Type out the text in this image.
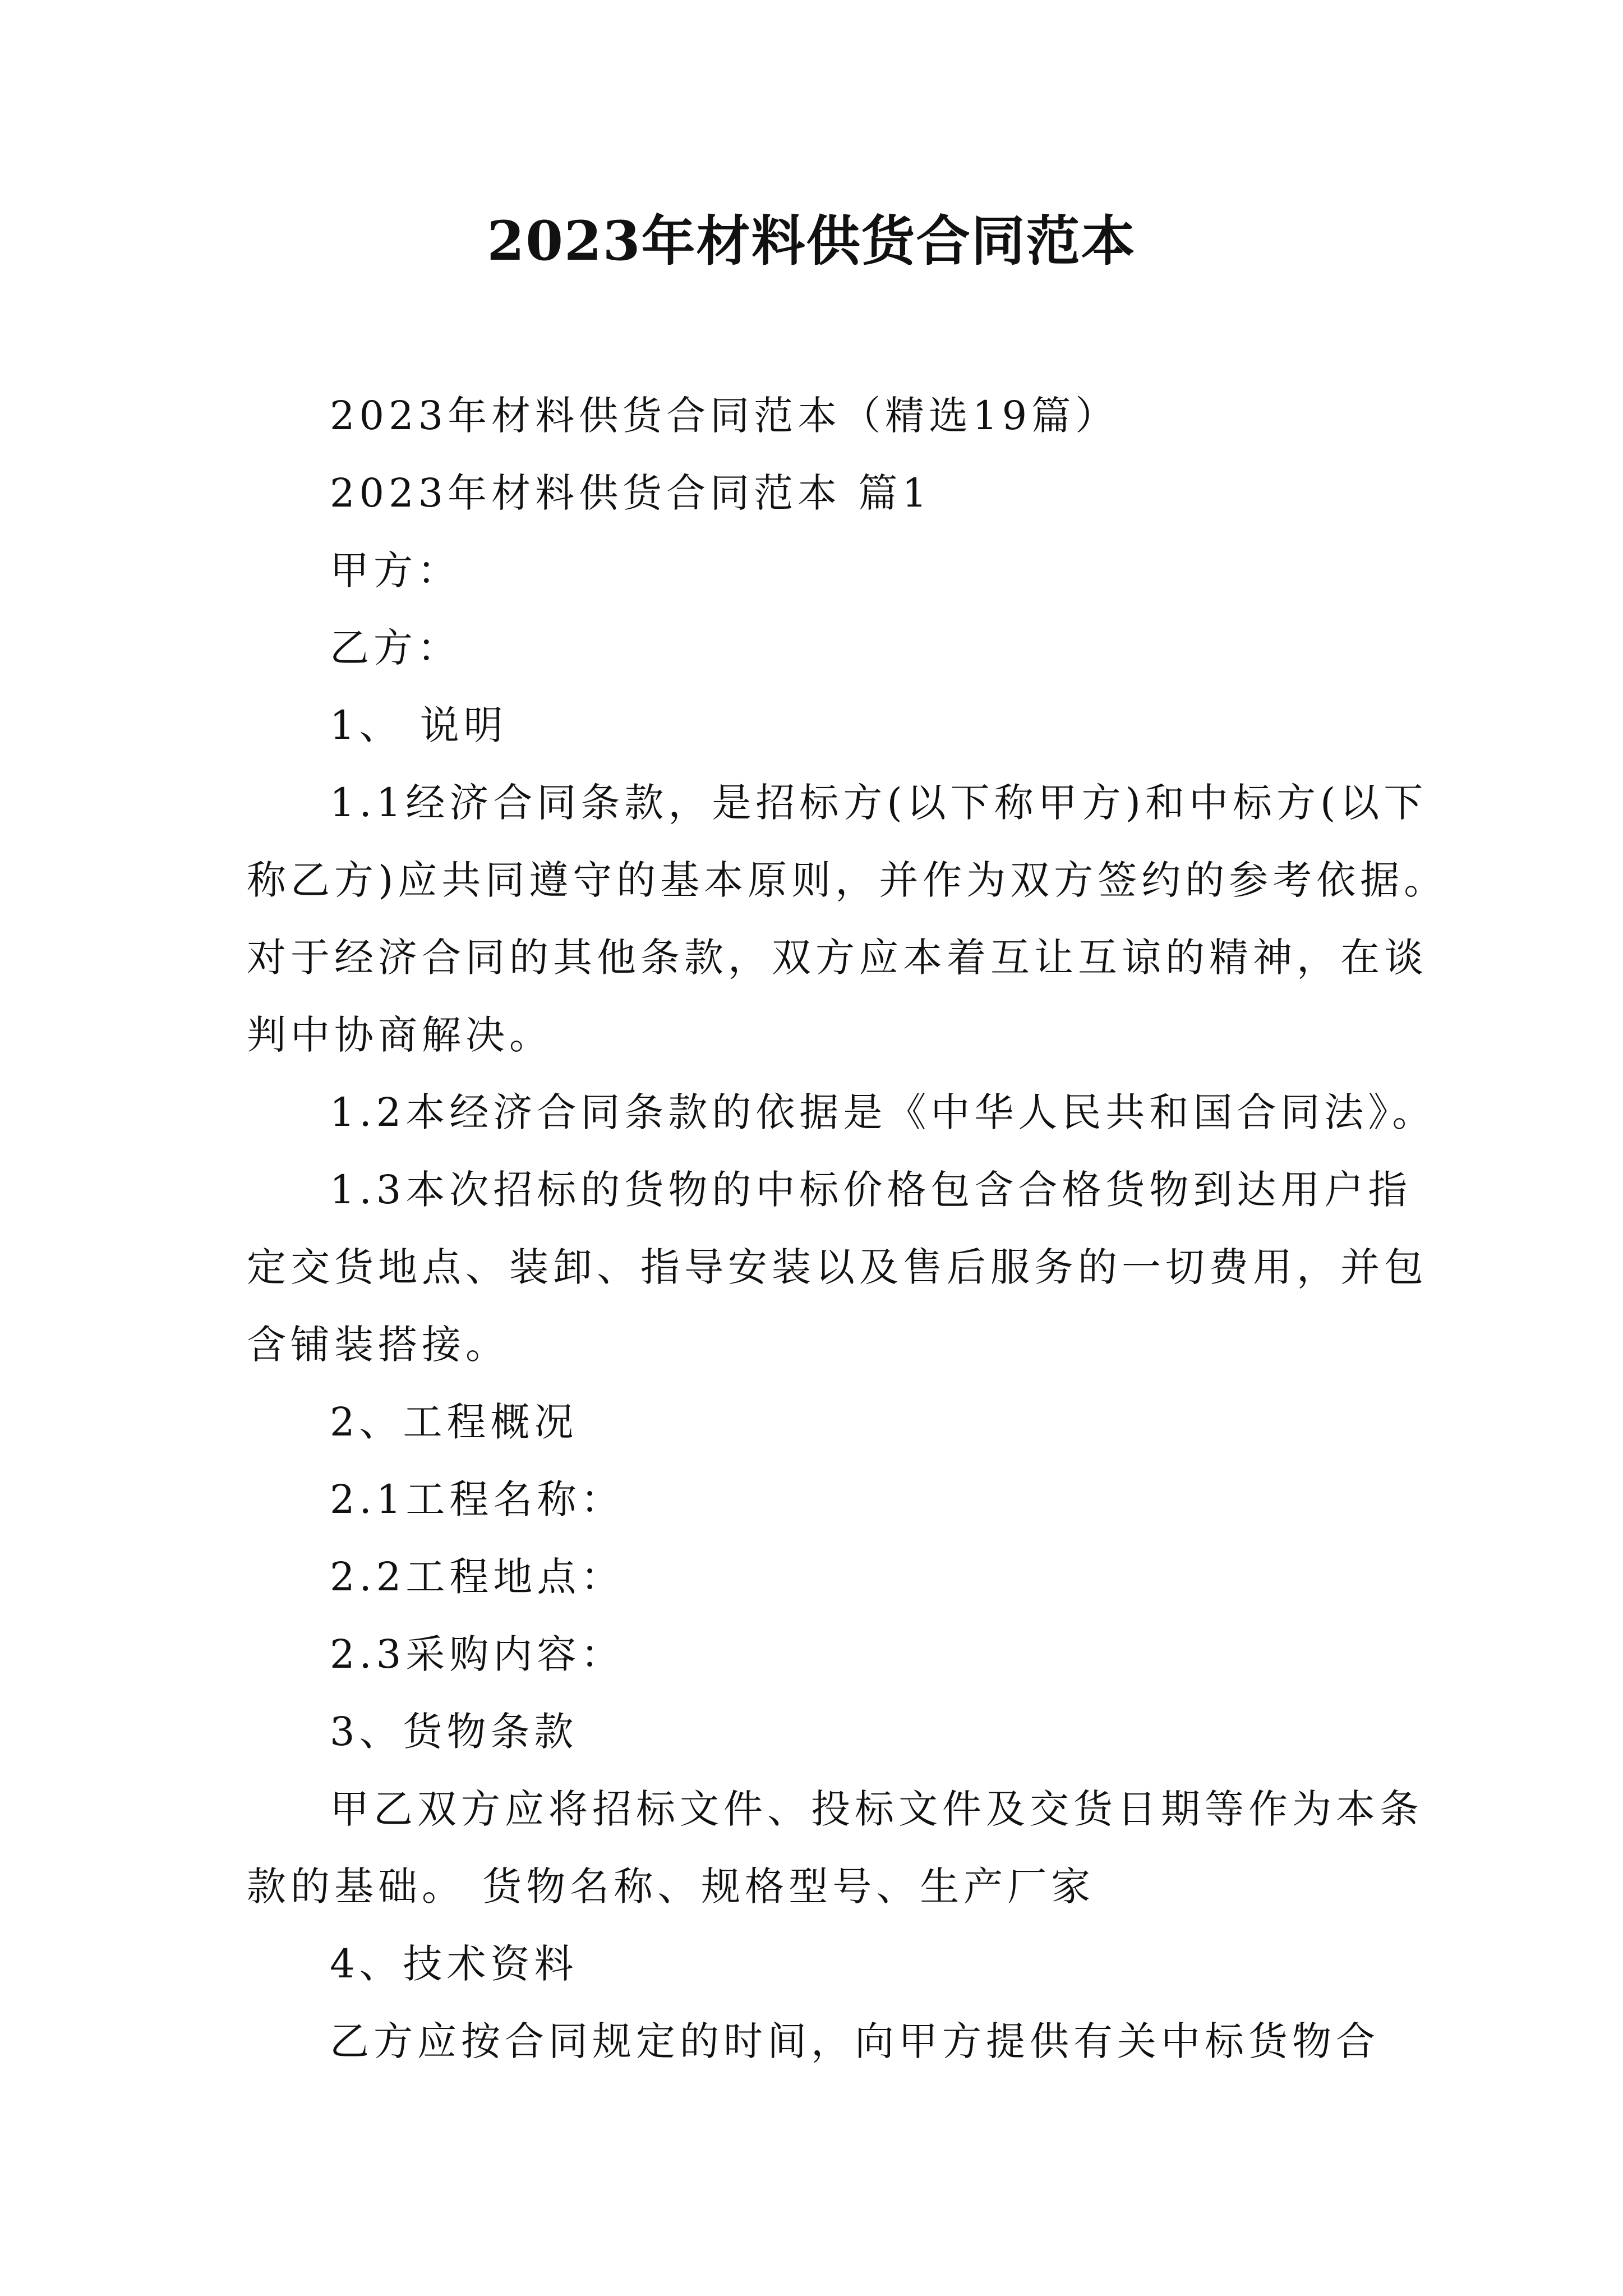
2023年材料供货合同范本

2023年材料供货合同范本（精选19篇）

2023年材料供货合同范本 篇1

甲方：

乙方：

1、 说明

1.1经济合同条款，是招标方(以下称甲方)和中标方(以下称乙方)应共同遵守的基本原则，并作为双方签约的参考依据。对于经济合同的其他条款，双方应本着互让互谅的精神，在谈判中协商解决。

1.2本经济合同条款的依据是《中华人民共和国合同法》。

1.3本次招标的货物的中标价格包含合格货物到达用户指定交货地点、装卸、指导安装以及售后服务的一切费用，并包含铺装搭接。

2、工程概况

2.1工程名称：

2.2工程地点：

2.3采购内容：

3、货物条款

甲乙双方应将招标文件、投标文件及交货日期等作为本条款的基础。 货物名称、规格型号、生产厂家

4、技术资料

乙方应按合同规定的时间，向甲方提供有关中标货物合
